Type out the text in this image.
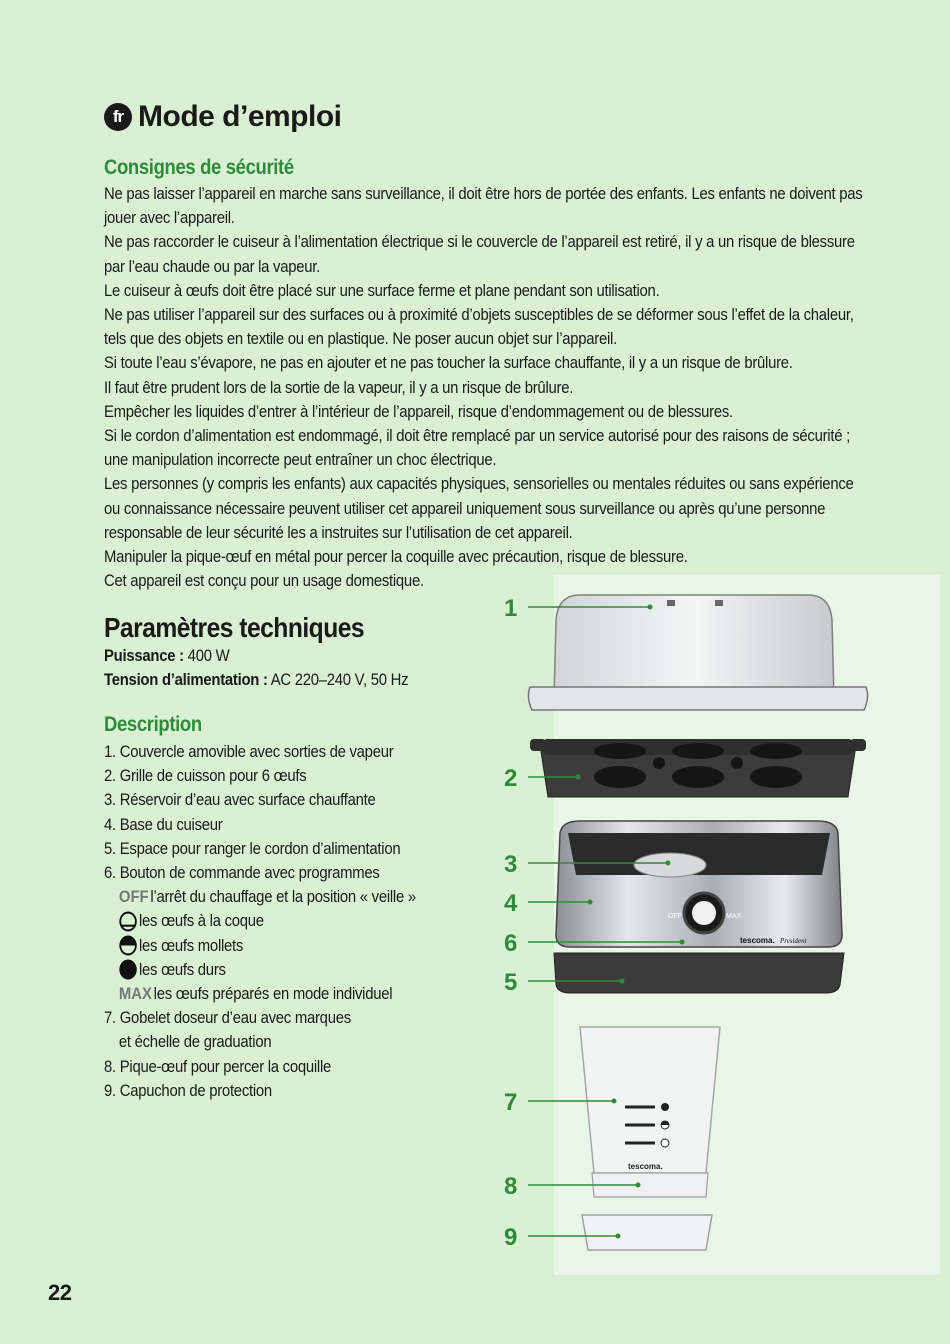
fr Mode d’emploi
Consignes de sécurité

Ne pas laisser l’appareil en marche sans surveillance, il doit être hors de portée des enfants. Les enfants ne doivent pas jouer avec l’appareil.

Ne pas raccorder le cuiseur à l’alimentation électrique si le couvercle de l’appareil est retiré, il y a un risque de blessure par l’eau chaude ou par la vapeur.

Le cuiseur à œufs doit être placé sur une surface ferme et plane pendant son utilisation.

Ne pas utiliser l’appareil sur des surfaces ou à proximité d’objets susceptibles de se déformer sous l’effet de la chaleur, tels que des objets en textile ou en plastique. Ne poser aucun objet sur l’appareil.

Si toute l’eau s’évapore, ne pas en ajouter et ne pas toucher la surface chauffante, il y a un risque de brûlure.

Il faut être prudent lors de la sortie de la vapeur, il y a un risque de brûlure.

Empêcher les liquides d’entrer à l’intérieur de l’appareil, risque d’endommagement ou de blessures.

Si le cordon d’alimentation est endommagé, il doit être remplacé par un service autorisé pour des raisons de sécurité ; une manipulation incorrecte peut entraîner un choc électrique.

Les personnes (y compris les enfants) aux capacités physiques, sensorielles ou mentales réduites ou sans expérience ou connaissance nécessaire peuvent utiliser cet appareil uniquement sous surveillance ou après qu’une personne responsable de leur sécurité les a instruites sur l’utilisation de cet appareil.

Manipuler la pique-œuf en métal pour percer la coquille avec précaution, risque de blessure.

Cet appareil est conçu pour un usage domestique.

Paramètres techniques
Puissance : 400 W
Tension d’alimentation : AC 220–240 V, 50 Hz
Description
1. Couvercle amovible avec sorties de vapeur
2. Grille de cuisson pour 6 œufs
3. Réservoir d’eau avec surface chauffante
4. Base du cuiseur
5. Espace pour ranger le cordon d’alimentation
6. Bouton de commande avec programmes
OFF l’arrêt du chauffage et la position « veille »
les œufs à la coque
les œufs mollets
les œufs durs
MAX les œufs préparés en mode individuel
7. Gobelet doseur d’eau avec marques
et échelle de graduation
8. Pique-œuf pour percer la coquille
9. Capuchon de protection
OFF	MAX
tescoma. President
tescoma.
1
2
3
4
6
5
7
8
9
22
